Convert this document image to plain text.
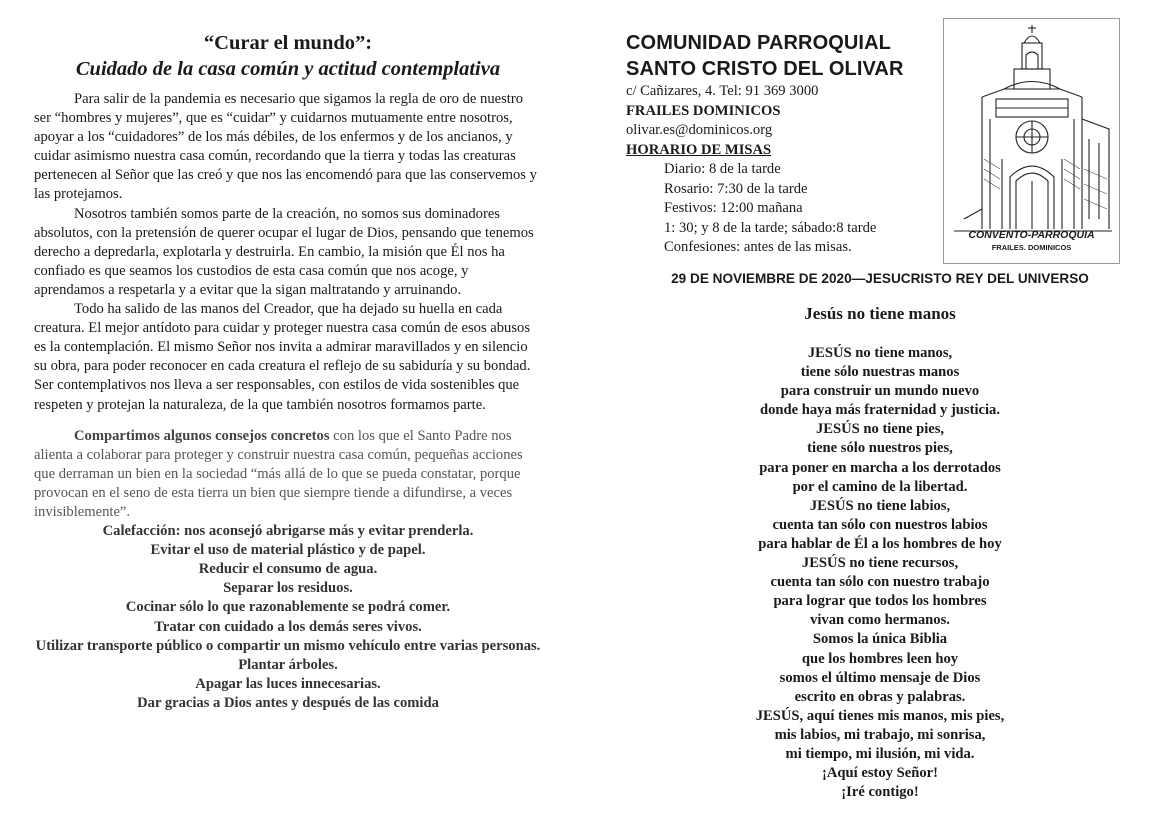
“Curar el mundo”:

Cuidado de la casa común y actitud contemplativa

Para salir de la pandemia es necesario que sigamos la regla de oro de nuestro ser “hombres y mujeres”, que es “cuidar” y cuidarnos mutuamente entre nosotros, apoyar a los “cuidadores” de los más débiles, de los enfermos y de los ancianos, y cuidar asimismo nuestra casa común, recordando que la tierra y todas las creaturas pertenecen al Señor que las creó y que nos las encomendó para que las conservemos y las protejamos.

Nosotros también somos parte de la creación, no somos sus dominadores absolutos, con la pretensión de querer ocupar el lugar de Dios, pensando que tenemos derecho a depredarla, explotarla y destruirla. En cambio, la misión que Él nos ha confiado es que seamos los custodios de esta casa común que nos acoge, y aprendamos a respetarla y a evitar que la sigan maltratando y arruinando.

Todo ha salido de las manos del Creador, que ha dejado su huella en cada creatura. El mejor antídoto para cuidar y proteger nuestra casa común de esos abusos es la contemplación. El mismo Señor nos invita a admirar maravillados y en silencio su obra, para poder reconocer en cada creatura el reflejo de su sabiduría y su bondad. Ser contemplativos nos lleva a ser responsables, con estilos de vida sostenibles que respeten y protejan la naturaleza, de la que también nosotros formamos parte.

Compartimos algunos consejos concretos con los que el Santo Padre nos alienta a colaborar para proteger y construir nuestra casa común, pequeñas acciones que derraman un bien en la sociedad “más allá de lo que se pueda constatar, porque provocan en el seno de esta tierra un bien que siempre tiende a difundirse, a veces invisiblemente”.

Calefacción: nos aconsejó abrigarse más y evitar prenderla.
Evitar el uso de material plástico y de papel.
Reducir el consumo de agua.
Separar los residuos.
Cocinar sólo lo que razonablemente se podrá comer.
Tratar con cuidado a los demás seres vivos.
Utilizar transporte público o compartir un mismo vehículo entre varias personas.
Plantar árboles.
Apagar las luces innecesarias.
Dar gracias a Dios antes y después de las comida

COMUNIDAD PARROQUIAL

SANTO CRISTO DEL OLIVAR

c/ Cañizares, 4. Tel: 91 369 3000

FRAILES DOMINICOS

olivar.es@dominicos.org

HORARIO DE MISAS

Diario: 8 de la tarde

Rosario: 7:30 de la tarde

Festivos: 12:00 mañana

1: 30; y 8 de la tarde; sábado:8 tarde

Confesiones: antes de las misas.

CONVENTO-PARROQUIA
FRAILES. DOMINICOS
29 DE NOVIEMBRE DE 2020—JESUCRISTO REY DEL UNIVERSO
Jesús no tiene manos
JESÚS no tiene manos,
tiene sólo nuestras manos
para construir un mundo nuevo
donde haya más fraternidad y justicia.
JESÚS no tiene pies,
tiene sólo nuestros pies,
para poner en marcha a los derrotados
por el camino de la libertad.
JESÚS no tiene labios,
cuenta tan sólo con nuestros labios
para hablar de Él a los hombres de hoy
JESÚS no tiene recursos,
cuenta tan sólo con nuestro trabajo
para lograr que todos los hombres
vivan como hermanos.
Somos la única Biblia
que los hombres leen hoy
somos el último mensaje de Dios
escrito en obras y palabras.
JESÚS, aquí tienes mis manos, mis pies,
mis labios, mi trabajo, mi sonrisa,
mi tiempo, mi ilusión, mi vida.
¡Aquí estoy Señor!
¡Iré contigo!
